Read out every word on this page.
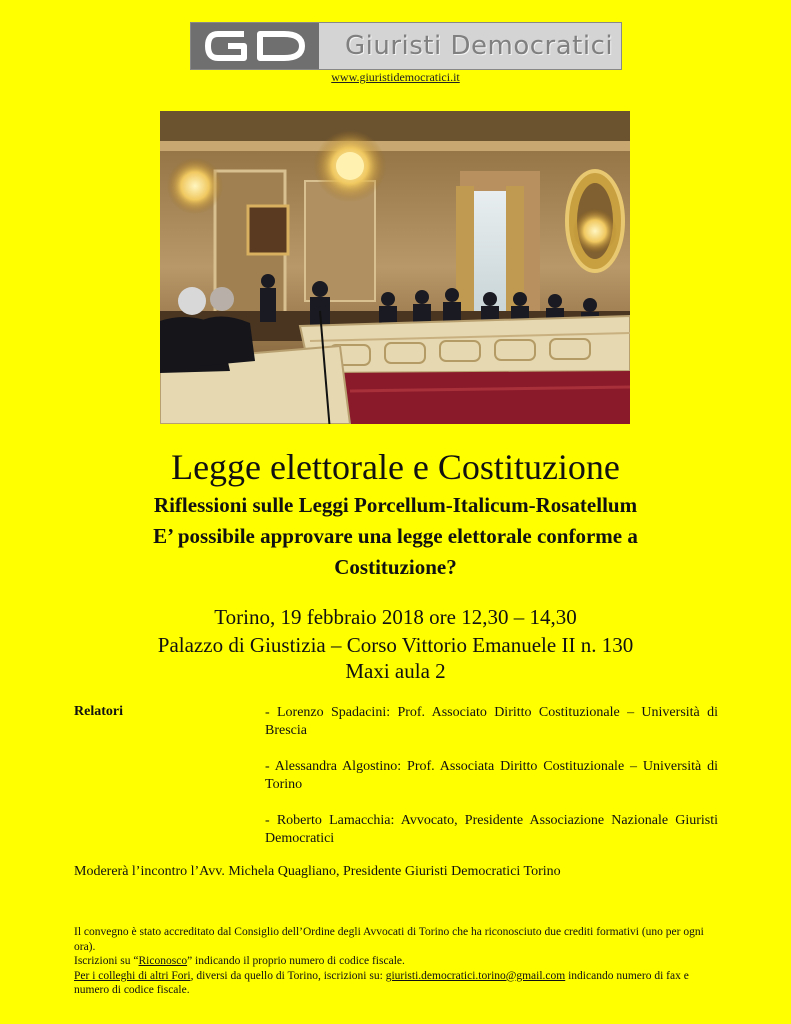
Giuristi Democratici
www.giuristidemocratici.it
Legge elettorale e Costituzione
Riflessioni sulle Leggi Porcellum-Italicum-Rosatellum
E’ possibile approvare una legge elettorale conforme a
Costituzione?
Torino, 19 febbraio 2018 ore 12,30 – 14,30
Palazzo di Giustizia – Corso Vittorio Emanuele II n. 130
Maxi aula 2
Relatori	- Lorenzo Spadacini: Prof. Associato Diritto Costituzionale – Università di Brescia
- Alessandra Algostino: Prof. Associata Diritto Costituzionale – Università di Torino
- Roberto Lamacchia: Avvocato, Presidente Associazione Nazionale Giuristi Democratici
Modererà l’incontro l’Avv. Michela Quagliano, Presidente Giuristi Democratici Torino
Il convegno è stato accreditato dal Consiglio dell’Ordine degli Avvocati di Torino che ha riconosciuto due crediti formativi (uno per ogni ora).
Iscrizioni su “Riconosco” indicando il proprio numero di codice fiscale.
Per i colleghi di altri Fori, diversi da quello di Torino, iscrizioni su: giuristi.democratici.torino@gmail.com indicando numero di fax e numero di codice fiscale.
